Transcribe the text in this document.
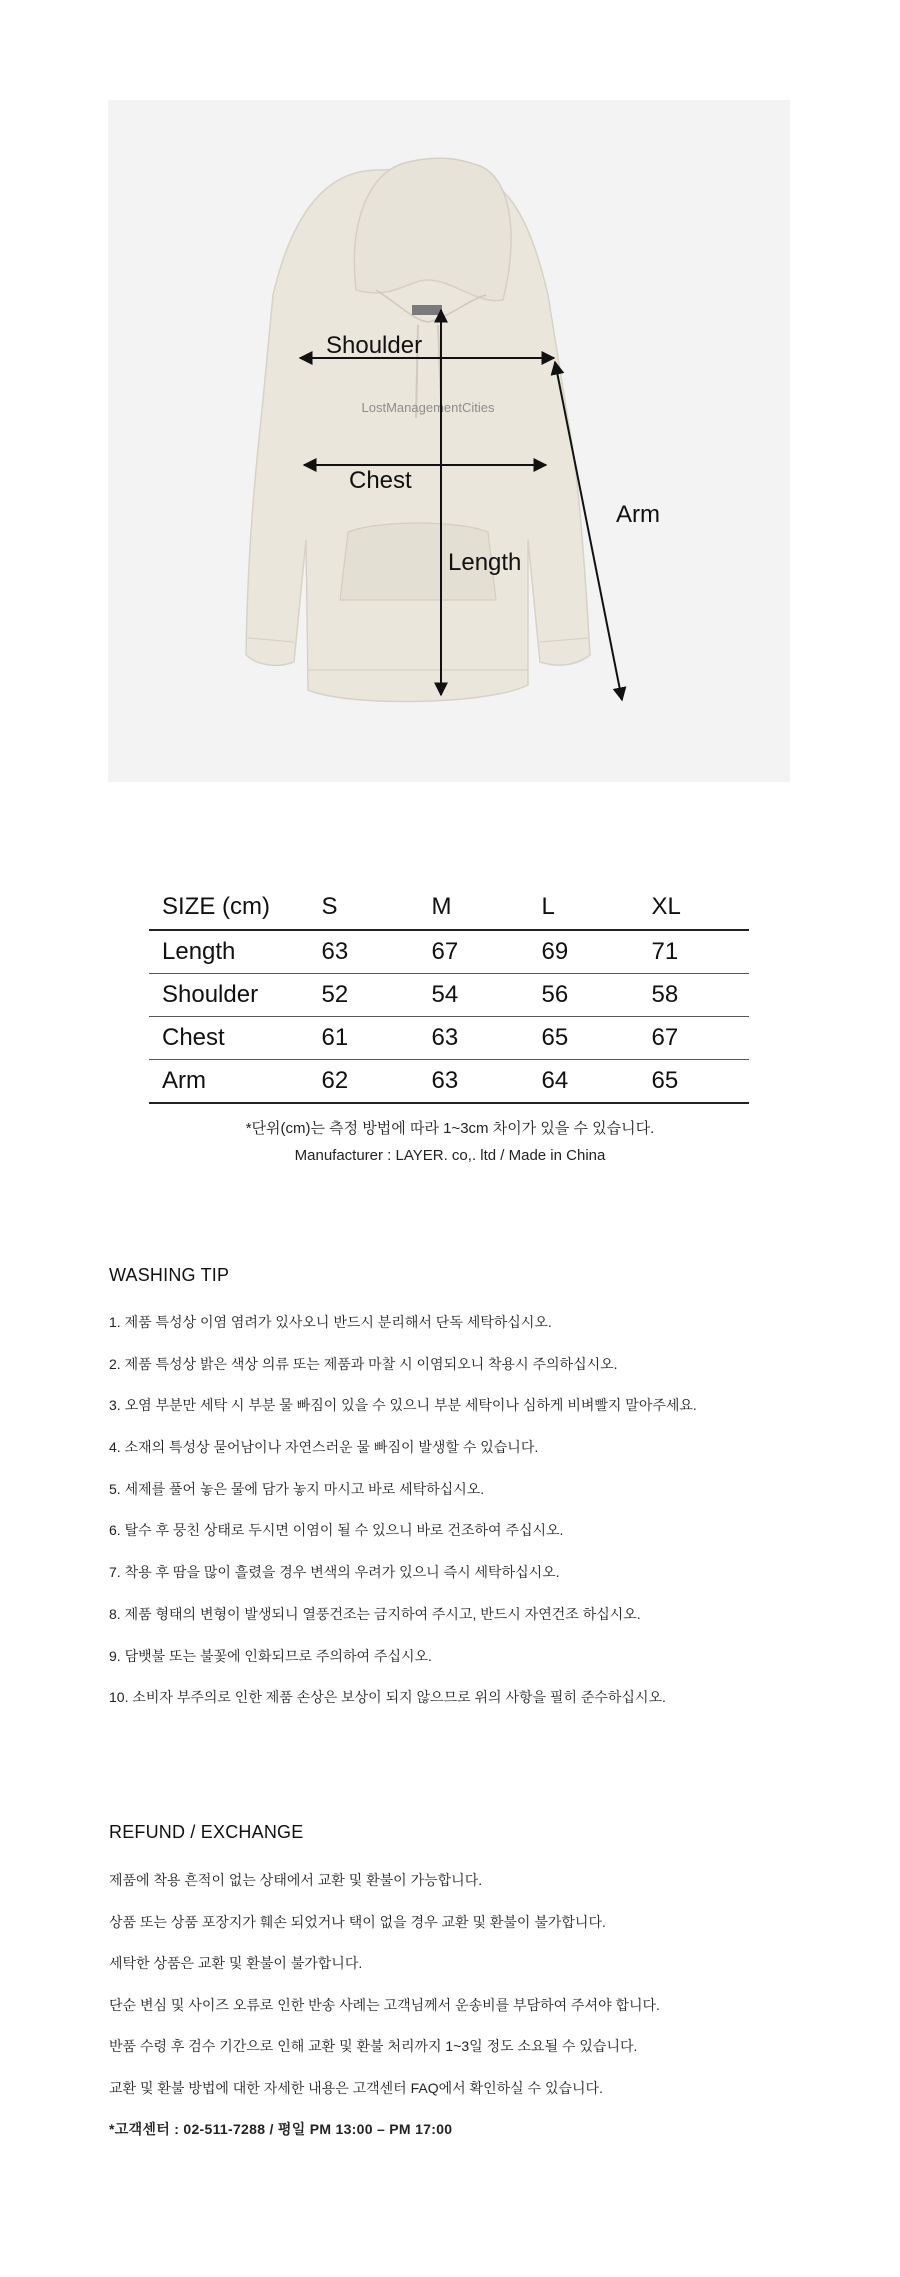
LostManagementCities
Shoulder
Chest
Length
Arm
SIZE (cm)	S	M	L	XL
Length	63	67	69	71
Shoulder	52	54	56	58
Chest	61	63	65	67
Arm	62	63	64	65
*단위(cm)는 측정 방법에 따라 1~3cm 차이가 있을 수 있습니다.
Manufacturer : LAYER. co,. ltd / Made in China
WASHING TIP
1. 제품 특성상 이염 염려가 있사오니 반드시 분리해서 단독 세탁하십시오.
2. 제품 특성상 밝은 색상 의류 또는 제품과 마찰 시 이염되오니 착용시 주의하십시오.
3. 오염 부분만 세탁 시 부분 물 빠짐이 있을 수 있으니 부분 세탁이나 심하게 비벼빨지 말아주세요.
4. 소재의 특성상 묻어남이나 자연스러운 물 빠짐이 발생할 수 있습니다.
5. 세제를 풀어 놓은 물에 담가 놓지 마시고 바로 세탁하십시오.
6. 탈수 후 뭉친 상태로 두시면 이염이 될 수 있으니 바로 건조하여 주십시오.
7. 착용 후 땀을 많이 흘렸을 경우 변색의 우려가 있으니 즉시 세탁하십시오.
8. 제품 형태의 변형이 발생되니 열풍건조는 금지하여 주시고, 반드시 자연건조 하십시오.
9. 담뱃불 또는 불꽃에 인화되므로 주의하여 주십시오.
10. 소비자 부주의로 인한 제품 손상은 보상이 되지 않으므로 위의 사항을 필히 준수하십시오.
REFUND / EXCHANGE
제품에 착용 흔적이 없는 상태에서 교환 및 환불이 가능합니다.
상품 또는 상품 포장지가 훼손 되었거나 택이 없을 경우 교환 및 환불이 불가합니다.
세탁한 상품은 교환 및 환불이 불가합니다.
단순 변심 및 사이즈 오류로 인한 반송 사례는 고객님께서 운송비를 부담하여 주셔야 합니다.
반품 수령 후 검수 기간으로 인해 교환 및 환불 처리까지 1~3일 정도 소요될 수 있습니다.
교환 및 환불 방법에 대한 자세한 내용은 고객센터 FAQ에서 확인하실 수 있습니다.
*고객센터 : 02-511-7288 / 평일 PM 13:00 – PM 17:00
